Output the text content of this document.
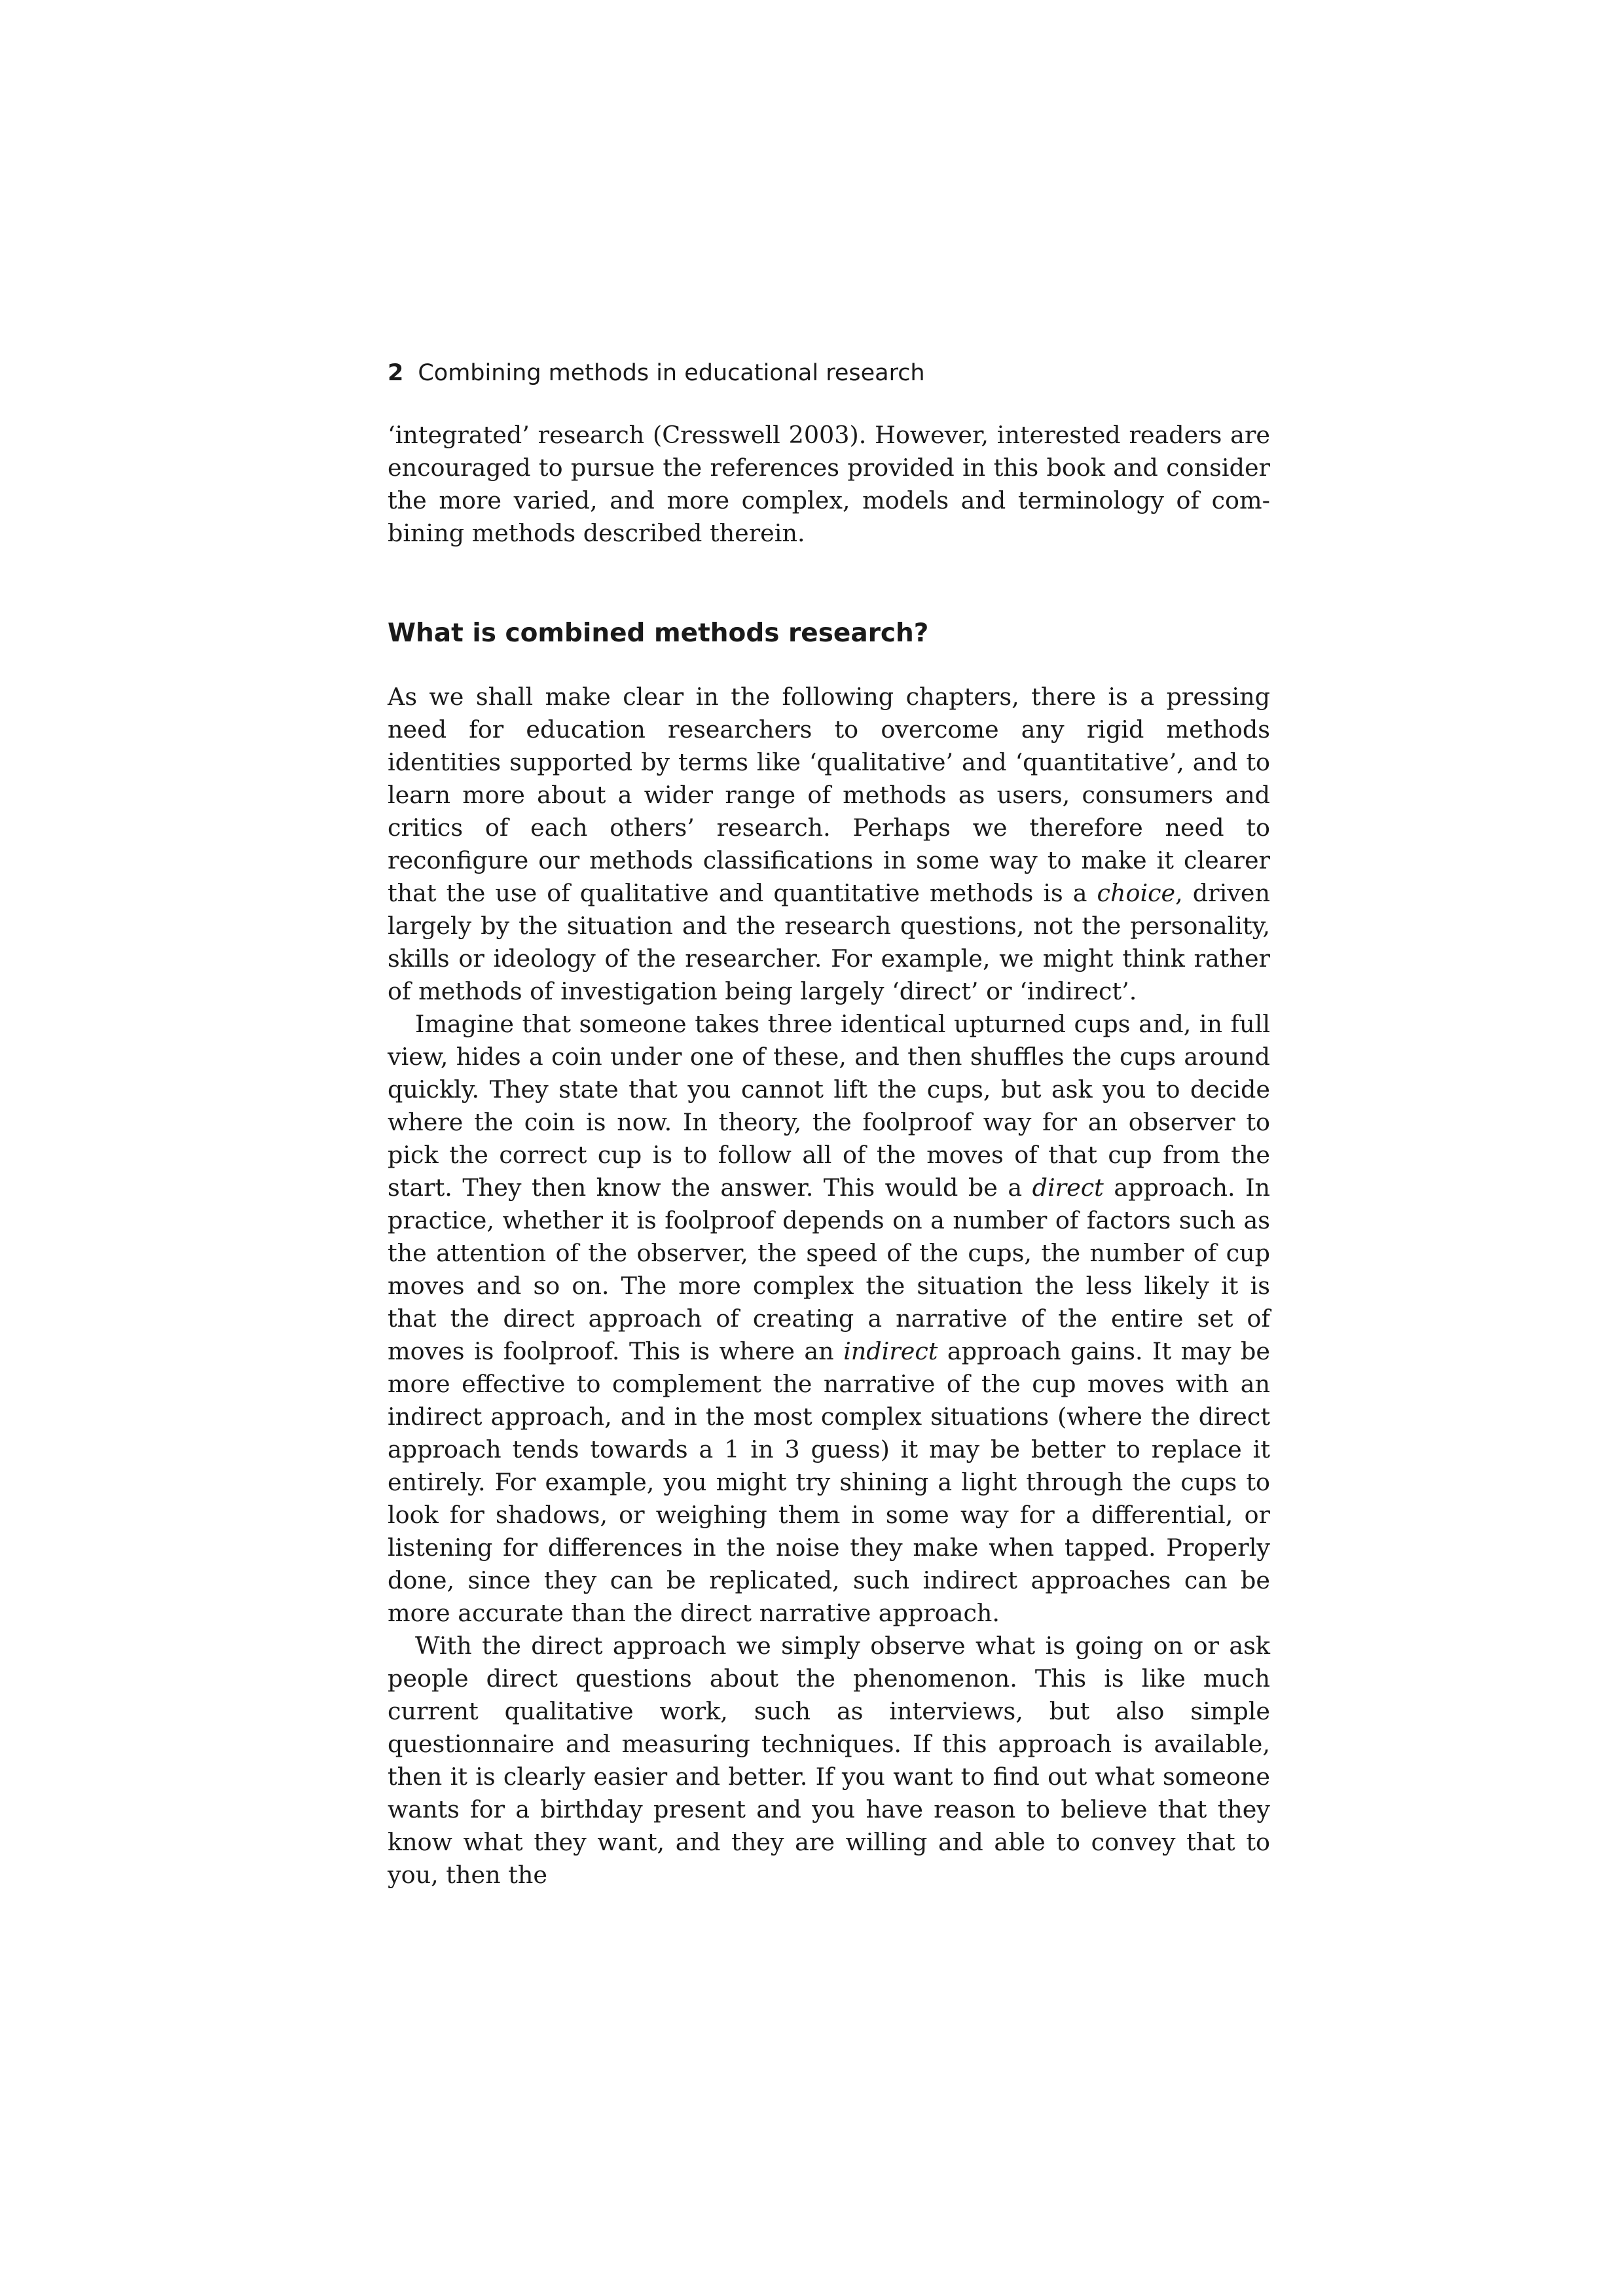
2 Combining methods in educational research

‘integrated’ research (Cresswell 2003). However, interested readers are encouraged to pursue the references provided in this book and consider the more varied, and more complex, models and terminology of combining methods described therein.

What is combined methods research?

As we shall make clear in the following chapters, there is a pressing need for education researchers to overcome any rigid methods identities supported by terms like ‘qualitative’ and ‘quantitative’, and to learn more about a wider range of methods as users, consumers and critics of each others’ research. Perhaps we therefore need to reconfigure our methods classifications in some way to make it clearer that the use of qualitative and quantitative methods is a choice, driven largely by the situation and the research questions, not the personality, skills or ideology of the researcher. For example, we might think rather of methods of investigation being largely ‘direct’ or ‘indirect’.

Imagine that someone takes three identical upturned cups and, in full view, hides a coin under one of these, and then shuffles the cups around quickly. They state that you cannot lift the cups, but ask you to decide where the coin is now. In theory, the foolproof way for an observer to pick the correct cup is to follow all of the moves of that cup from the start. They then know the answer. This would be a direct approach. In practice, whether it is foolproof depends on a number of factors such as the attention of the observer, the speed of the cups, the number of cup moves and so on. The more complex the situation the less likely it is that the direct approach of creating a narrative of the entire set of moves is foolproof. This is where an indirect approach gains. It may be more effective to complement the narrative of the cup moves with an indirect approach, and in the most complex situations (where the direct approach tends towards a 1 in 3 guess) it may be better to replace it entirely. For example, you might try shining a light through the cups to look for shadows, or weighing them in some way for a differential, or listening for differences in the noise they make when tapped. Properly done, since they can be replicated, such indirect approaches can be more accurate than the direct narrative approach.

With the direct approach we simply observe what is going on or ask people direct questions about the phenomenon. This is like much current qualitative work, such as interviews, but also simple questionnaire and measuring techniques. If this approach is available, then it is clearly easier and better. If you want to find out what someone wants for a birthday present and you have reason to believe that they know what they want, and they are willing and able to convey that to you, then the
